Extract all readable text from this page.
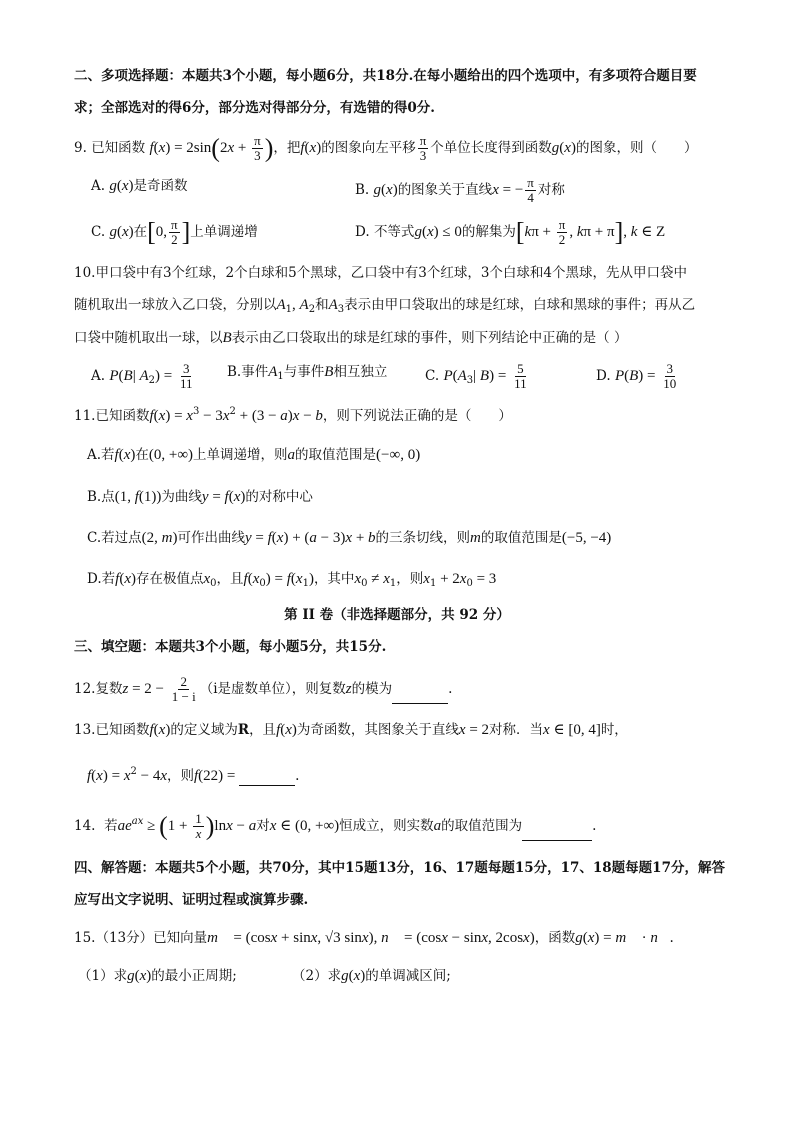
二、多项选择题：本题共3个小题，每小题6分，共18分.在每小题给出的四个选项中，有多项符合题目要
求；全部选对的得6分，部分选对得部分分，有选错的得0分.
9. 已知函数 $f(x) = 2\sin(2x + \frac{\pi}{3}$ )，把f(x)的图象向左平移 $\frac{\pi}{3}$ 个单位长度得到函数g(x)的图象，则（　　）
A. g(x)是奇函数	B. g(x)的图象关于直线x = − $\frac{\pi}{4}$ 对称
C. g(x)在[0, $\frac{\pi}{2}$ ]上单调递增	D. 不等式g(x) ≤ 0的解集为[$k\pi + \frac{\pi}{2}$ , kπ + π], k ∈ Z
10.甲口袋中有3个红球，2个白球和5个黑球，乙口袋中有3个红球，3个白球和4个黑球，先从甲口袋中
随机取出一球放入乙口袋，分别以$A_1$, $A_2$和$A_3$表示由甲口袋取出的球是红球，白球和黑球的事件；再从乙
口袋中随机取出一球，以B表示由乙口袋取出的球是红球的事件，则下列结论中正确的是（ ）
A. P(B| $A_2) = \frac{3}{11} B$.事件$A_1$与事件B相互独立	C. $P(A_3|$ $B) = \frac{5}{11}$	D. $P(B) = \frac{3}{10}$
11.已知函数$f(x) = x^3 - 3x^2 + (3 - a)x - b$，则下列说法正确的是（　　）
A.若f(x)在(0, +∞)上单调递增，则a的取值范围是(−∞, 0)
B.点(1, f(1))为曲线y = f(x)的对称中心
C.若过点(2, m)可作出曲线y = f(x) + (a − 3)x + b的三条切线，则m的取值范围是(−5, −4)
D.若f(x)存在极值点$x_0$，且$f(x_0) = f(x_1)$，其中$x_0 \ne x_1$，则$x_1 + 2x_0 = 3$
第 II 卷（非选择题部分，共 92 分）
三、填空题：本题共3个小题，每小题5分，共15分.
12.复数$z = 2 - \frac{2}{1 - i} (i$是虚数单位），则复数z的模为	.
13.已知函数f(x)的定义域为R，且f(x)为奇函数，其图象关于直线x = 2对称．当x ∈ [0, 4]时，
$f(x) = x^2 - 4x$，则f(22) =	.
14. 若$ae^{ax} \ge (1 + \frac{1}{x} )\ln x - a$对x ∈ (0, +∞)恒成立，则实数a的取值范围为	.
四、解答题：本题共5个小题，共70分，其中15题13分，16、17题每题15分，17、18题每题17分，解答
应写出文字说明、证明过程或演算步骤.
15.（13分）已知向量m⃗ = (cosx + sinx, √3 sinx), n⃗ = (cosx − sinx, 2cosx)，函数g(x) = m⃗ · n⃗.
（1）求g(x)的最小正周期;	（2）求g(x)的单调减区间;
